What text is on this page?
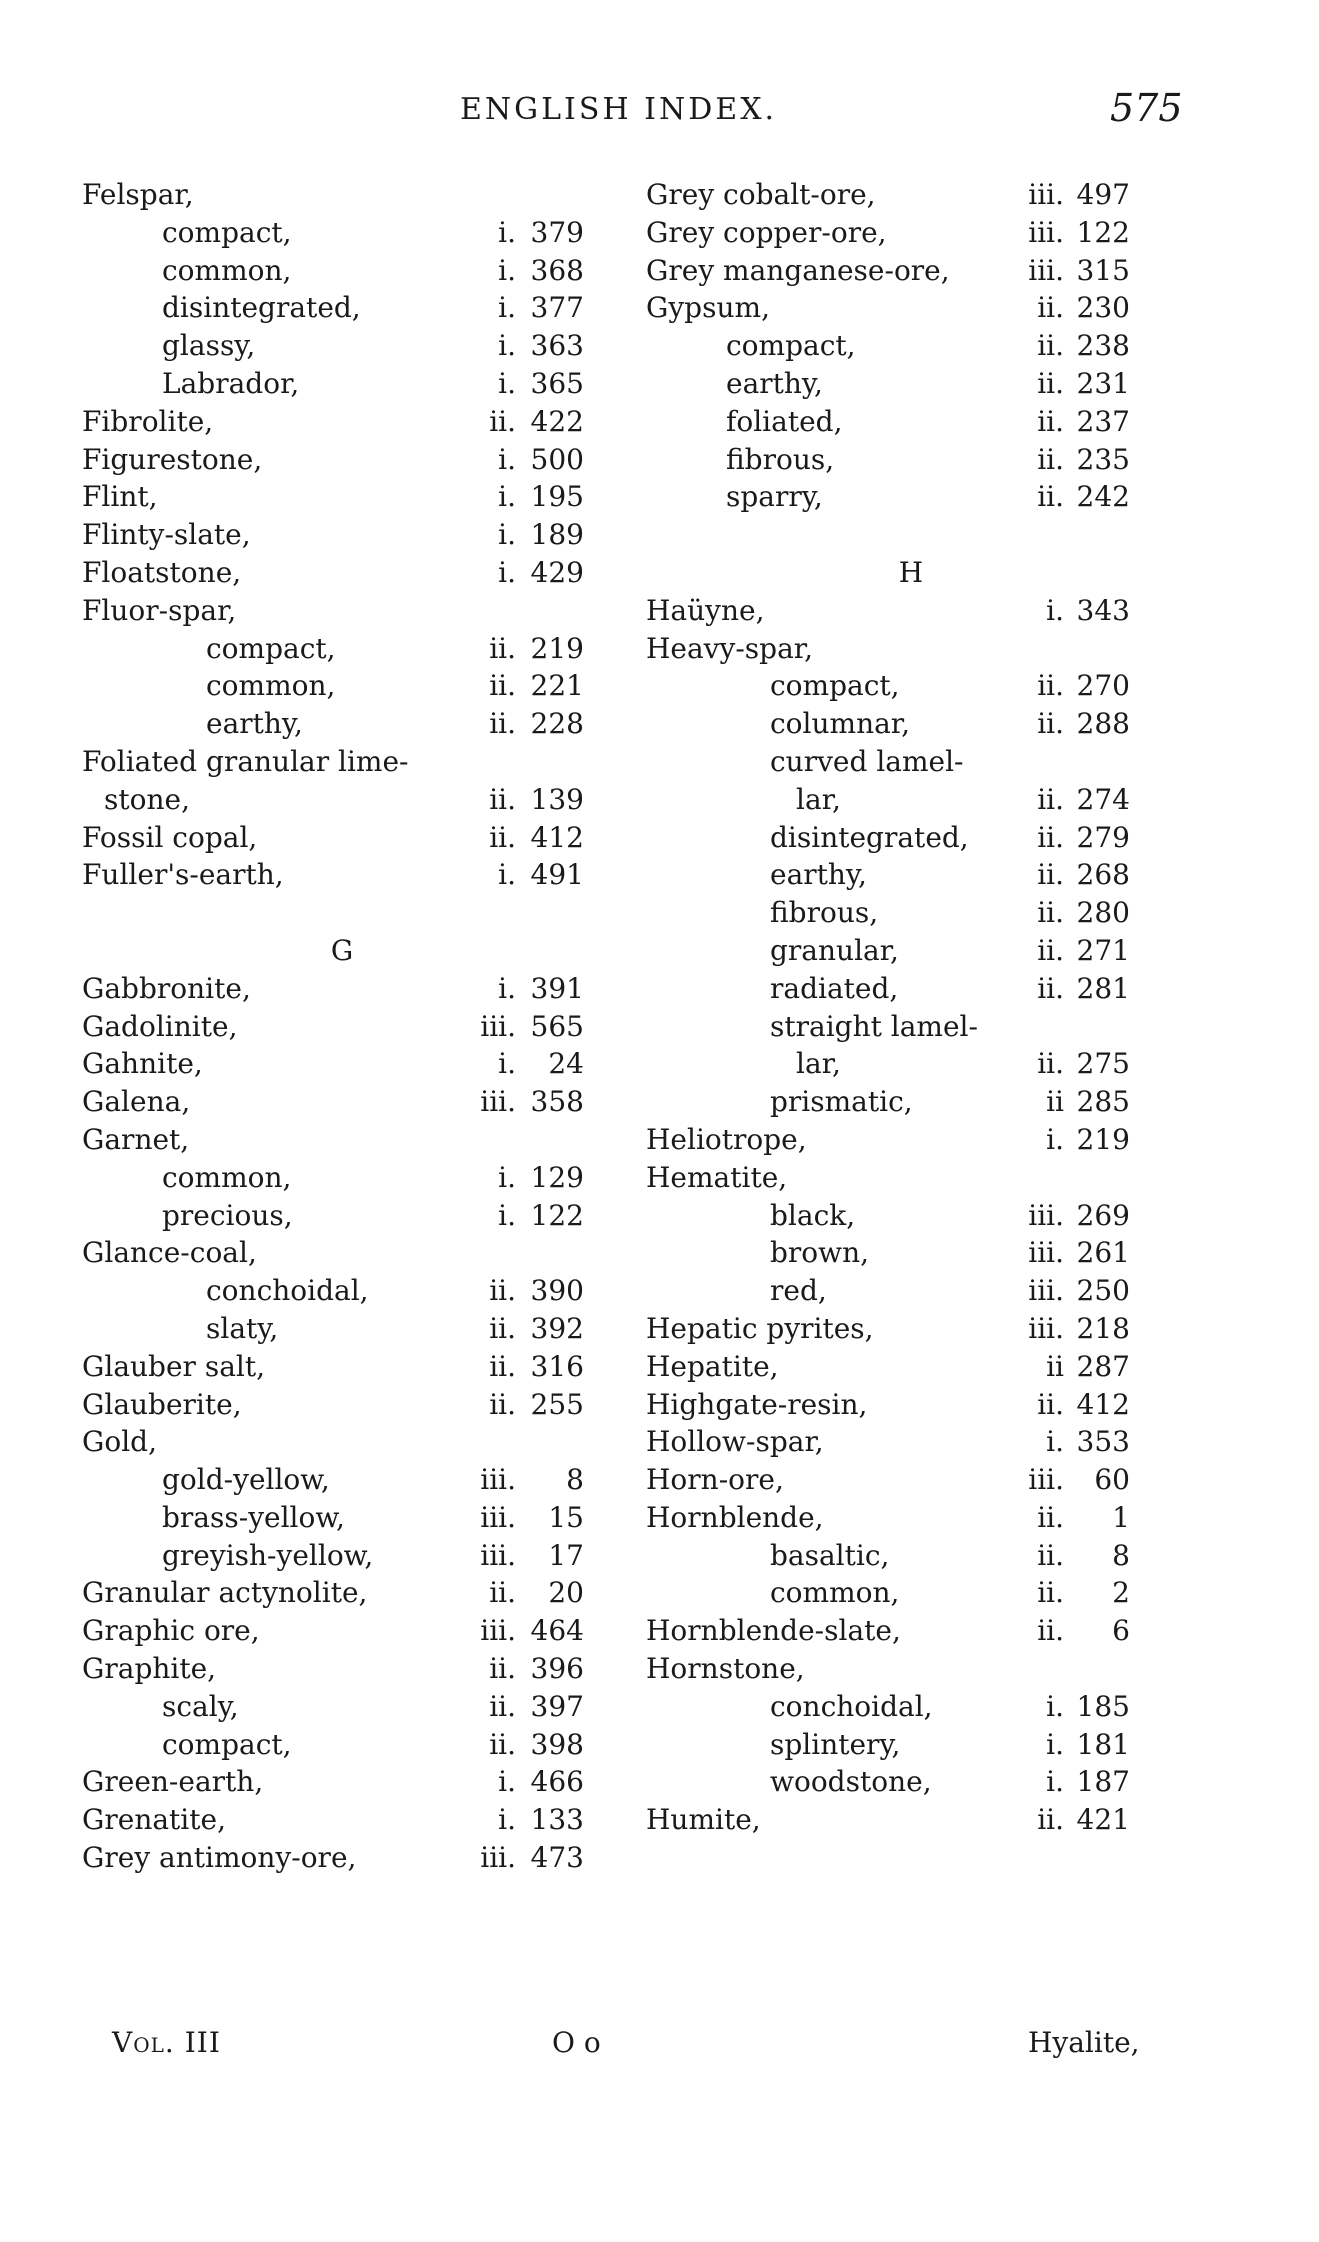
ENGLISH INDEX.	575
Felspar,
compact,	i. 379
common,	i. 368
disintegrated,	i. 377
glassy,	i. 363
Labrador,	i. 365
Fibrolite,	ii. 422
Figurestone,	i. 500
Flint,	i. 195
Flinty-slate,	i. 189
Floatstone,	i. 429
Fluor-spar,
compact,	ii. 219
common,	ii. 221
earthy,	ii. 228
Foliated granular lime-
stone,	ii. 139
Fossil copal,	ii. 412
Fuller's-earth,	i. 491
G
Gabbronite,	i. 391
Gadolinite,	iii. 565
Gahnite,	i.	24
Galena,	iii. 358
Garnet,
common,	i. 129
precious,	i. 122
Glance-coal,
conchoidal,	ii. 390
slaty,	ii. 392
Glauber salt,	ii. 316
Glauberite,	ii. 255
Gold,
gold-yellow,	iii.	8
brass-yellow,	iii.	15
greyish-yellow,	iii.	17
Granular actynolite,	ii.	20
Graphic ore,	iii. 464
Graphite,	ii. 396
scaly,	ii. 397
compact,	ii. 398
Green-earth,	i. 466
Grenatite,	i. 133
Grey antimony-ore,	iii. 473
Grey cobalt-ore,	iii. 497
Grey copper-ore,	iii. 122
Grey manganese-ore,	iii. 315
Gypsum,	ii. 230
compact,	ii. 238
earthy,	ii. 231
foliated,	ii. 237
fibrous,	ii. 235
sparry,	ii. 242
H
Haüyne,	i. 343
Heavy-spar,
compact,	ii. 270
columnar,	ii. 288
curved lamel-
lar,	ii. 274
disintegrated,	ii. 279
earthy,	ii. 268
fibrous,	ii. 280
granular,	ii. 271
radiated,	ii. 281
straight lamel-
lar,	ii. 275
prismatic,	ii 285
Heliotrope,	i. 219
Hematite,
black,	iii. 269
brown,	iii. 261
red,	iii. 250
Hepatic pyrites,	iii. 218
Hepatite,	ii 287
Highgate-resin,	ii. 412
Hollow-spar,	i. 353
Horn-ore,	iii.	60
Hornblende,	ii.	1
basaltic,	ii.	8
common,	ii.	2
Hornblende-slate,	ii.	6
Hornstone,
conchoidal,	i. 185
splintery,	i. 181
woodstone,	i. 187
Humite,	ii. 421
Vol. III	O o	Hyalite,
